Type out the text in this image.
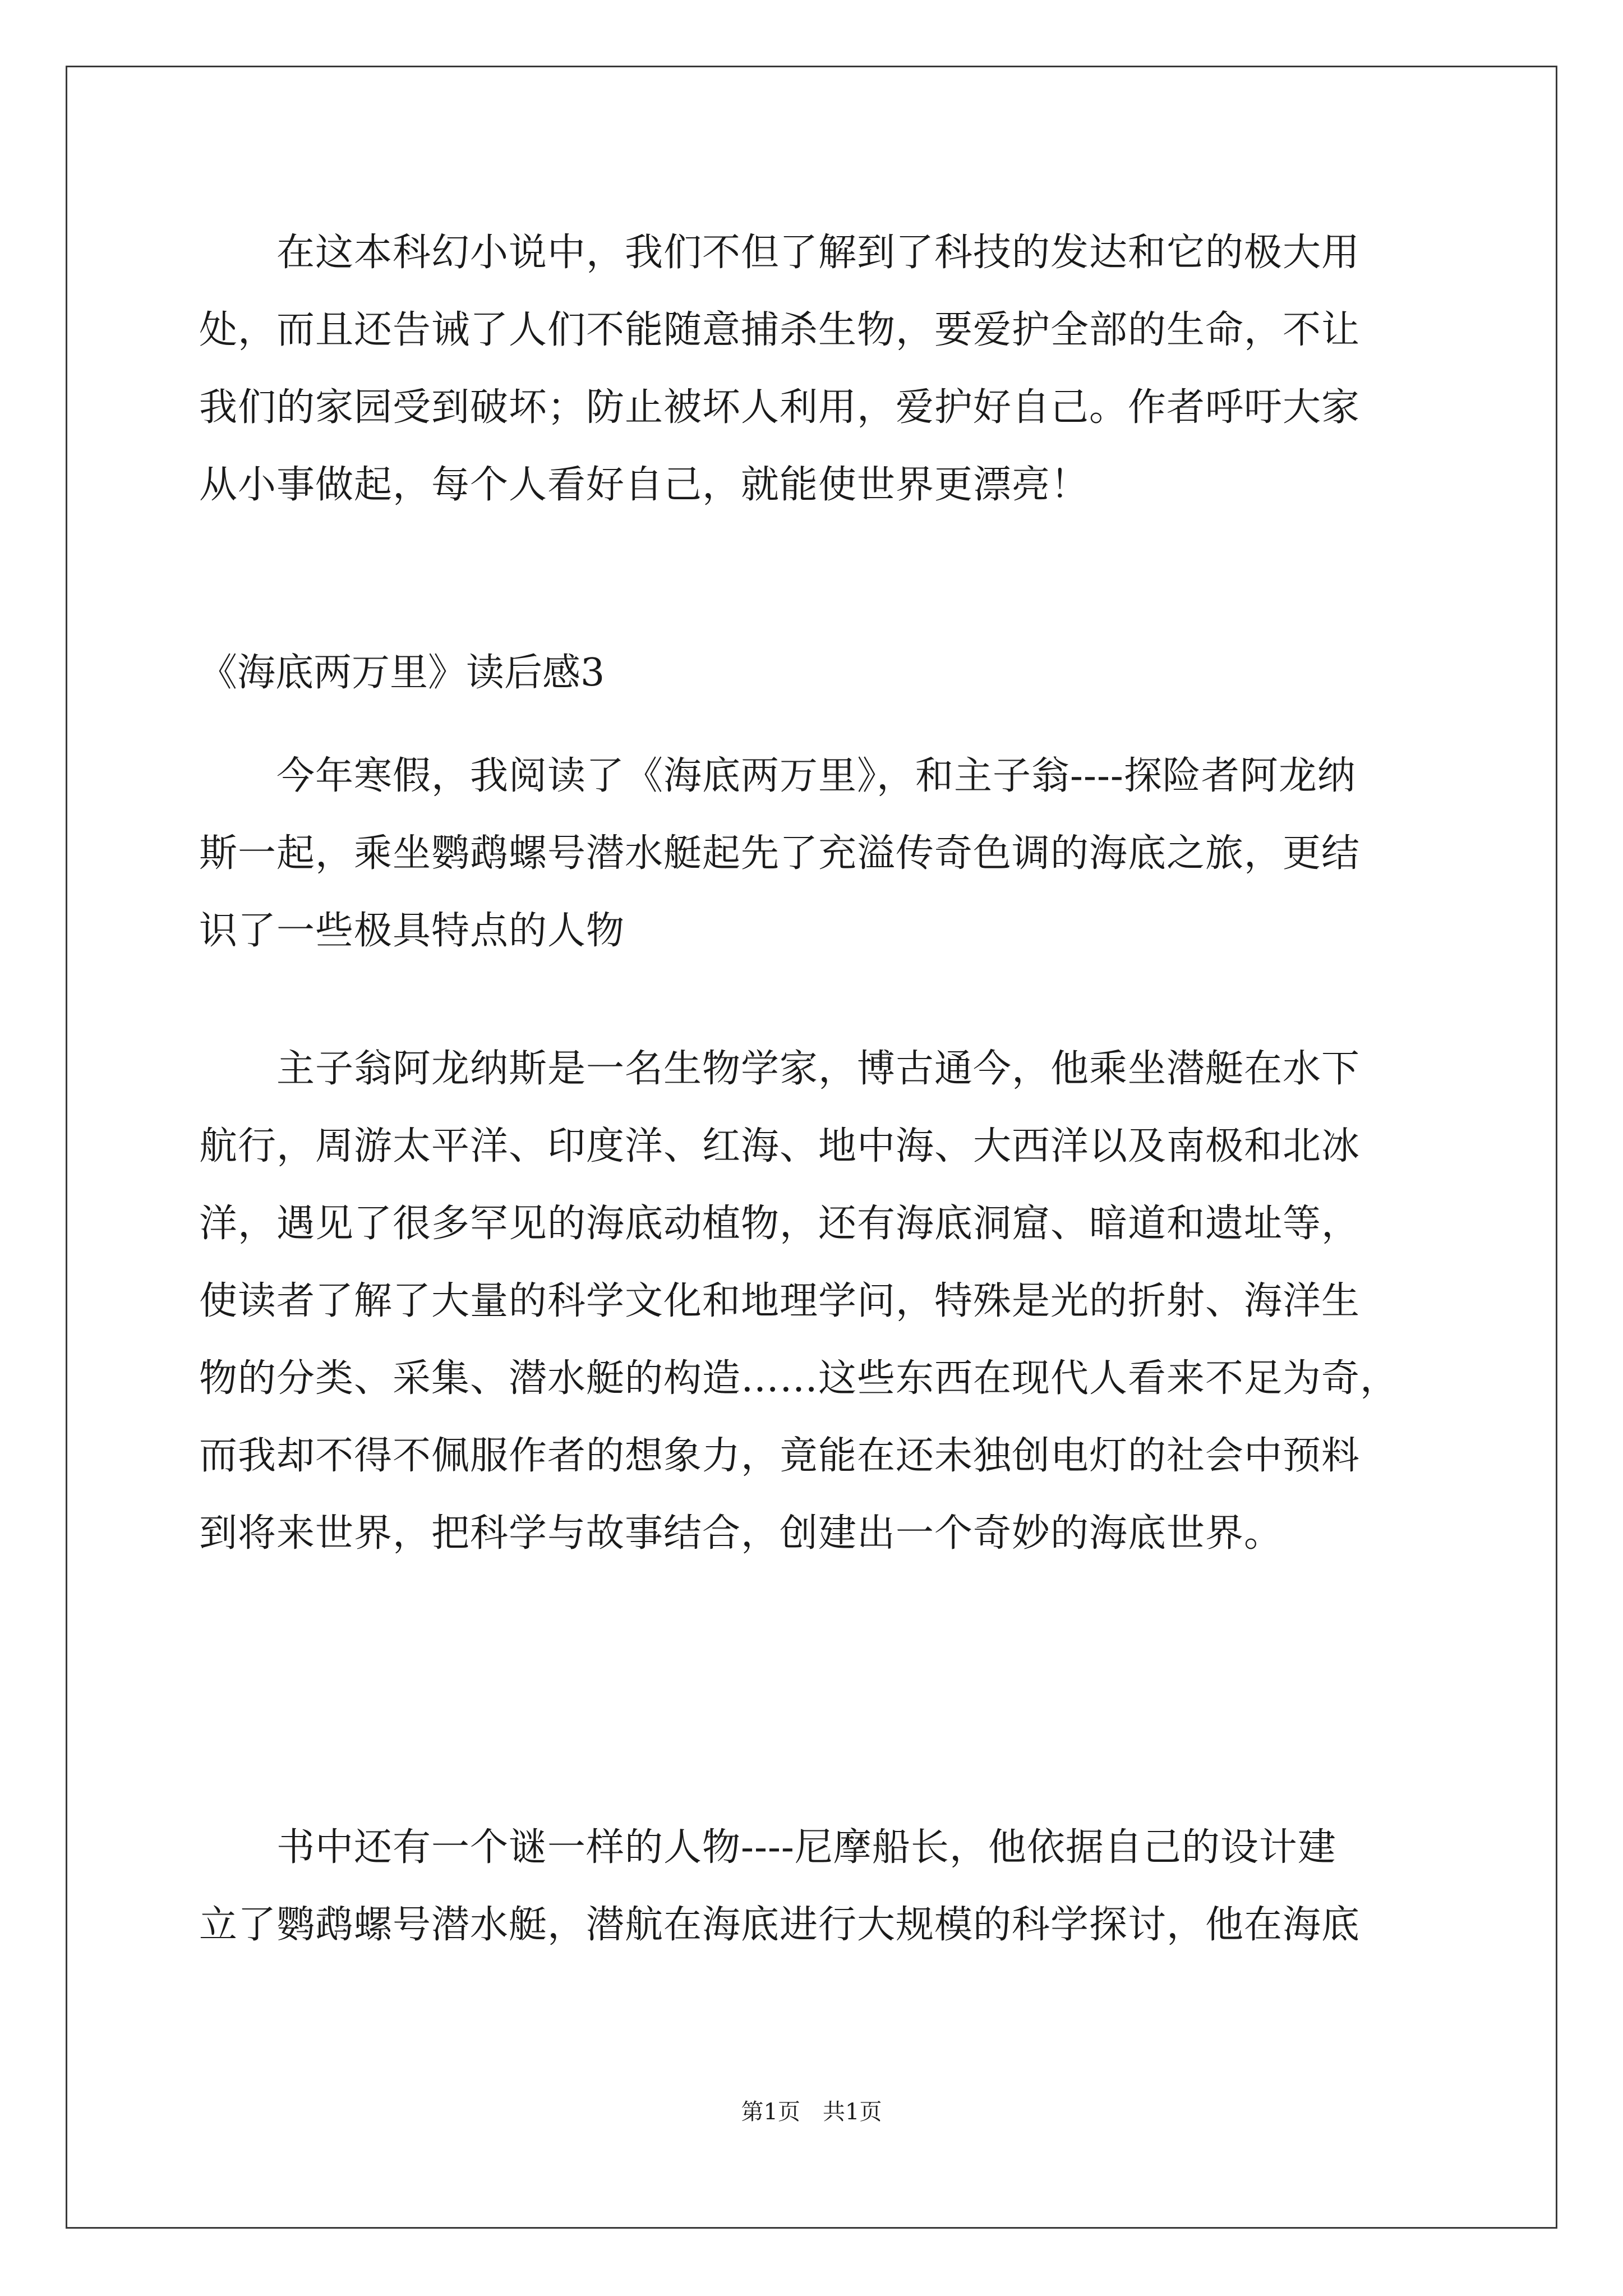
　　在这本科幻小说中，我们不但了解到了科技的发达和它的极大用
处，而且还告诫了人们不能随意捕杀生物，要爱护全部的生命，不让
我们的家园受到破坏；防止被坏人利用，爱护好自己。作者呼吁大家
从小事做起，每个人看好自己，就能使世界更漂亮！
《海底两万里》读后感3
　　今年寒假，我阅读了《海底两万里》，和主子翁----探险者阿龙纳
斯一起，乘坐鹦鹉螺号潜水艇起先了充溢传奇色调的海底之旅，更结
识了一些极具特点的人物
　　主子翁阿龙纳斯是一名生物学家，博古通今，他乘坐潜艇在水下
航行，周游太平洋、印度洋、红海、地中海、大西洋以及南极和北冰
洋，遇见了很多罕见的海底动植物，还有海底洞窟、暗道和遗址等，
使读者了解了大量的科学文化和地理学问，特殊是光的折射、海洋生
物的分类、采集、潜水艇的构造……这些东西在现代人看来不足为奇，
而我却不得不佩服作者的想象力，竟能在还未独创电灯的社会中预料
到将来世界，把科学与故事结合，创建出一个奇妙的海底世界。
　　书中还有一个谜一样的人物----尼摩船长，他依据自己的设计建
立了鹦鹉螺号潜水艇，潜航在海底进行大规模的科学探讨，他在海底
第1页　共1页
